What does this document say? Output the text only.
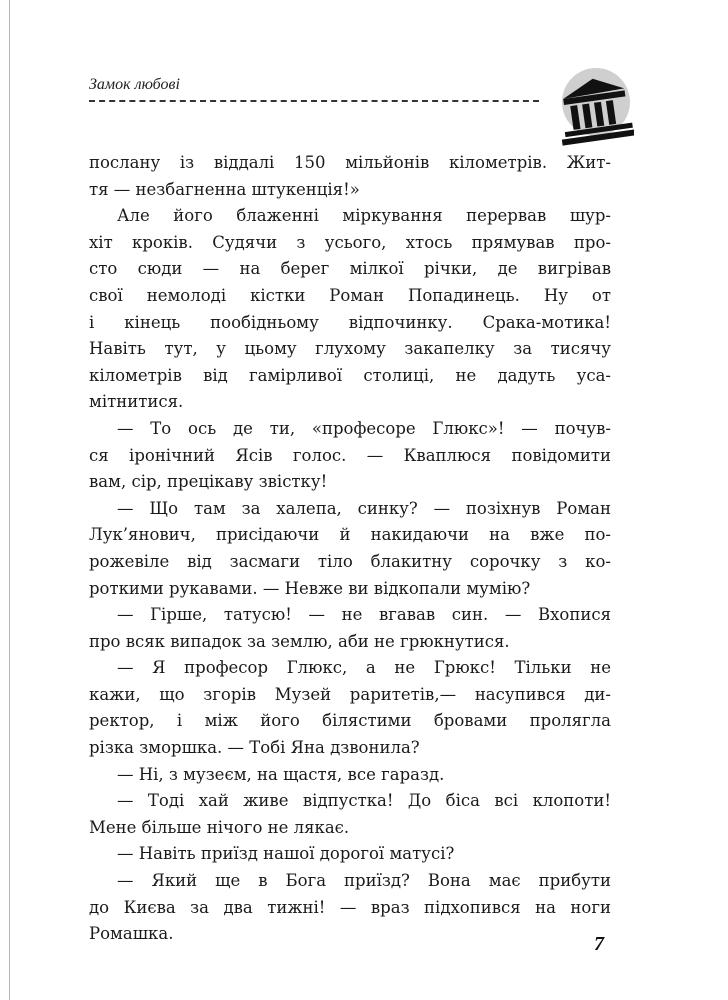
Замок любові
послану із віддалі 150 мільйонів кілометрів. Жит-
тя — незбагненна штукенція!»
Але його блаженні міркування перервав шур-
хіт кроків. Судячи з усього, хтось прямував про-
сто сюди — на берег мілкої річки, де вигрівав
свої немолоді кістки Роман Попадинець. Ну от
і кінець пообідньому відпочинку. Срака-мотика!
Навіть тут, у цьому глухому закапелку за тисячу
кілометрів від гамірливої столиці, не дадуть уса-
мітнитися.
— То ось де ти, «професоре Глюкс»! — почув-
ся іронічний Ясів голос. — Кваплюся повідомити
вам, сір, прецікаву звістку!
— Що там за халепа, синку? — позіхнув Роман
Лук’янович, присідаючи й накидаючи на вже по-
рожевіле від засмаги тіло блакитну сорочку з ко-
роткими рукавами. — Невже ви відкопали мумію?
— Гірше, татусю! — не вгавав син. — Вхопися
про всяк випадок за землю, аби не грюкнутися.
— Я професор Глюкс, а не Грюкс! Тільки не
кажи, що згорів Музей раритетів,— насупився ди-
ректор, і між його білястими бровами пролягла
різка зморшка. — Тобі Яна дзвонила?
— Ні, з музеєм, на щастя, все гаразд.
— Тоді хай живе відпустка! До біса всі клопоти!
Мене більше нічого не лякає.
— Навіть приїзд нашої дорогої матусі?
— Який ще в Бога приїзд? Вона має прибути
до Києва за два тижні! — враз підхопився на ноги
Ромашка.	7
